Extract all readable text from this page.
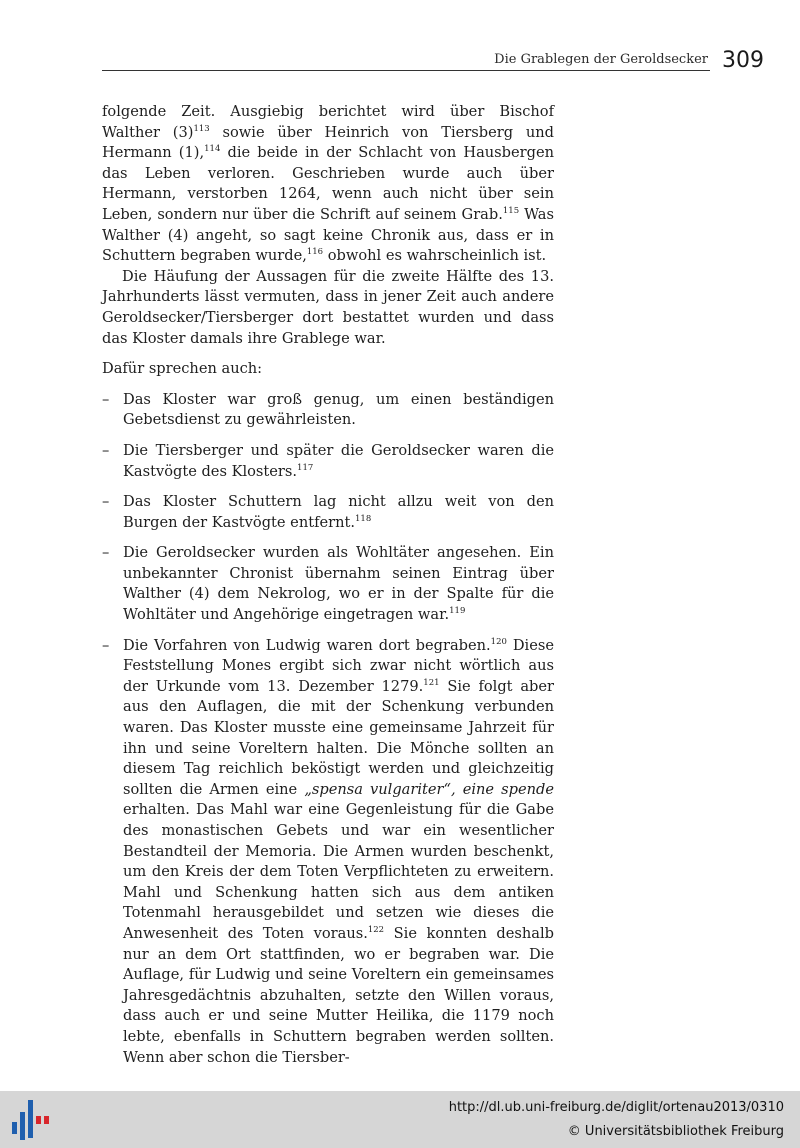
Die Grablegen der Geroldsecker 309

folgende Zeit. Ausgiebig berichtet wird über Bischof Walther $(3)^{113}$ sowie über Heinrich von Tiersberg und Hermann (1),$^{114}$ die beide in der Schlacht von Hausbergen das Leben verloren. Geschrieben wurde auch über Hermann, verstorben 1264, wenn auch nicht über sein Leben, sondern nur über die Schrift auf seinem Grab.$^{115}$ Was Walther (4) angeht, so sagt keine Chronik aus, dass er in Schuttern begraben wurde,$^{116}$ obwohl es wahrscheinlich ist.

Die Häufung der Aussagen für die zweite Hälfte des 13. Jahrhunderts lässt vermuten, dass in jener Zeit auch andere Geroldsecker/Tiersberger dort bestattet wurden und dass das Kloster damals ihre Grablege war.

Dafür sprechen auch:

– Das Kloster war groß genug, um einen beständigen Gebetsdienst zu gewährleisten.
– Die Tiersberger und später die Geroldsecker waren die Kastvögte des Klosters.$^{117}$
– Das Kloster Schuttern lag nicht allzu weit von den Burgen der Kastvögte entfernt.$^{118}$
– Die Geroldsecker wurden als Wohltäter angesehen. Ein unbekannter Chronist übernahm seinen Eintrag über Walther (4) dem Nekrolog, wo er in der Spalte für die Wohltäter und Angehörige eingetragen war.$^{119}$
– Die Vorfahren von Ludwig waren dort begraben.$^{120}$ Diese Feststellung Mones ergibt sich zwar nicht wörtlich aus der Urkunde vom 13. Dezember 1279.$^{121}$ Sie folgt aber aus den Auflagen, die mit der Schenkung verbunden waren. Das Kloster musste eine gemeinsame Jahrzeit für ihn und seine Voreltern halten. Die Mönche sollten an diesem Tag reichlich beköstigt werden und gleichzeitig sollten die Armen eine „spensa vulgariter“, eine spende erhalten. Das Mahl war eine Gegenleistung für die Gabe des monastischen Gebets und war ein wesentlicher Bestandteil der Memoria. Die Armen wurden beschenkt, um den Kreis der dem Toten Verpflichteten zu erweitern. Mahl und Schenkung hatten sich aus dem antiken Totenmahl herausgebildet und setzen wie dieses die Anwesenheit des Toten voraus.$^{122}$ Sie konnten deshalb nur an dem Ort stattfinden, wo er begraben war. Die Auflage, für Ludwig und seine Voreltern ein gemeinsames Jahresgedächtnis abzuhalten, setzte den Willen voraus, dass auch er und seine Mutter Heilika, die 1179 noch lebte, ebenfalls in Schuttern begraben werden sollten. Wenn aber schon die Tiersber-
http://dl.ub.uni-freiburg.de/diglit/ortenau2013/0310
© Universitätsbibliothek Freiburg
